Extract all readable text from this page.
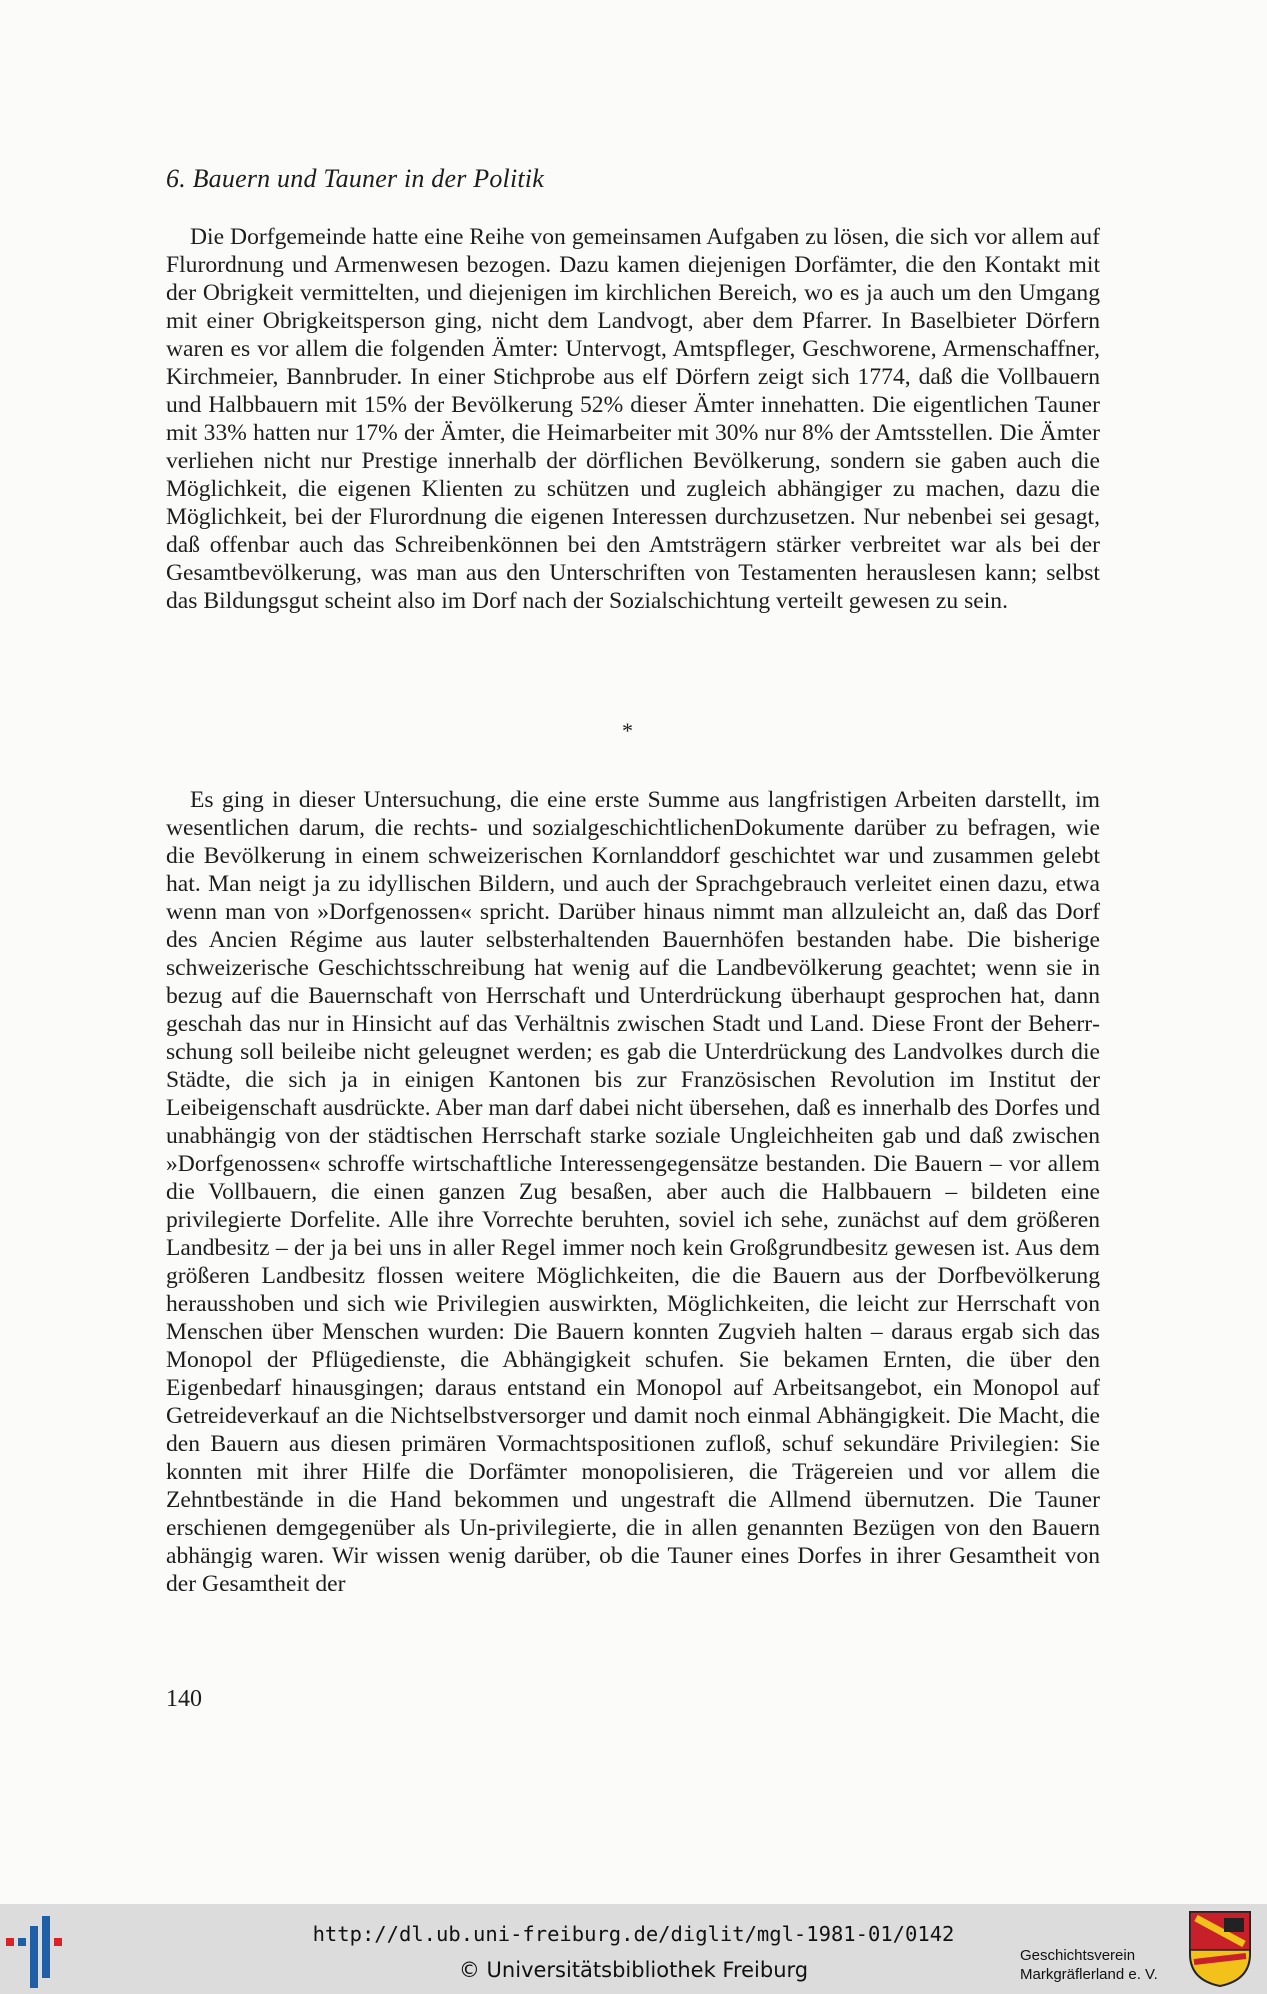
6. Bauern und Tauner in der Politik

Die Dorfgemeinde hatte eine Reihe von gemeinsamen Aufgaben zu lösen, die sich vor allem auf Flurordnung und Armenwesen bezogen. Dazu kamen diejenigen Dorfämter, die den Kontakt mit der Obrigkeit vermittelten, und diejenigen im kirchlichen Bereich, wo es ja auch um den Umgang mit einer Obrigkeitsperson ging, nicht dem Landvogt, aber dem Pfarrer. In Baselbieter Dörfern waren es vor allem die folgenden Ämter: Untervogt, Amtspfleger, Geschworene, Armenschaffner, Kirchmeier, Bannbruder. In einer Stichprobe aus elf Dörfern zeigt sich 1774, daß die Vollbauern und Halbbauern mit 15% der Bevölkerung 52% dieser Ämter innehatten. Die eigentlichen Tauner mit 33% hatten nur 17% der Ämter, die Heimarbeiter mit 30% nur 8% der Amtsstellen. Die Ämter verliehen nicht nur Prestige innerhalb der dörflichen Bevölkerung, sondern sie gaben auch die Möglichkeit, die eigenen Klienten zu schützen und zugleich abhängiger zu machen, dazu die Möglichkeit, bei der Flurordnung die eigenen Interessen durchzusetzen. Nur nebenbei sei gesagt, daß offenbar auch das Schreibenkönnen bei den Amtsträgern stärker verbreitet war als bei der Gesamtbevölkerung, was man aus den Unterschriften von Testamenten herauslesen kann; selbst das Bildungsgut scheint also im Dorf nach der Sozialschichtung verteilt gewesen zu sein.

*

Es ging in dieser Untersuchung, die eine erste Summe aus langfristigen Arbeiten darstellt, im wesentlichen darum, die rechts- und sozialgeschichtlichenDokumente darüber zu befragen, wie die Bevölkerung in einem schweizerischen Kornlanddorf geschichtet war und zusammen gelebt hat. Man neigt ja zu idyllischen Bildern, und auch der Sprachgebrauch verleitet einen dazu, etwa wenn man von »Dorfgenossen« spricht. Darüber hinaus nimmt man allzuleicht an, daß das Dorf des Ancien Régime aus lauter selbsterhaltenden Bauernhöfen bestanden habe. Die bisherige schweizerische Geschichtsschreibung hat wenig auf die Landbevölkerung geachtet; wenn sie in bezug auf die Bauernschaft von Herrschaft und Unterdrückung überhaupt gesprochen hat, dann geschah das nur in Hinsicht auf das Verhältnis zwischen Stadt und Land. Diese Front der Beherrschung soll beileibe nicht geleugnet werden; es gab die Unterdrückung des Landvolkes durch die Städte, die sich ja in einigen Kantonen bis zur Französischen Revolution im Institut der Leibeigenschaft ausdrückte. Aber man darf dabei nicht übersehen, daß es innerhalb des Dorfes und unabhängig von der städtischen Herrschaft starke soziale Ungleichheiten gab und daß zwischen »Dorfgenossen« schroffe wirtschaftliche Interessengegensätze bestanden. Die Bauern – vor allem die Vollbauern, die einen ganzen Zug besaßen, aber auch die Halbbauern – bildeten eine privilegierte Dorfelite. Alle ihre Vorrechte beruhten, soviel ich sehe, zunächst auf dem größeren Landbesitz – der ja bei uns in aller Regel immer noch kein Großgrundbesitz gewesen ist. Aus dem größeren Landbesitz flossen weitere Möglichkeiten, die die Bauern aus der Dorfbevölkerung herausshoben und sich wie Privilegien auswirkten, Möglichkeiten, die leicht zur Herrschaft von Menschen über Menschen wurden: Die Bauern konnten Zugvieh halten – daraus ergab sich das Monopol der Pflügedienste, die Abhängigkeit schufen. Sie bekamen Ernten, die über den Eigenbedarf hinausgingen; daraus entstand ein Monopol auf Arbeitsangebot, ein Monopol auf Getreideverkauf an die Nichtselbstversorger und damit noch einmal Abhängigkeit. Die Macht, die den Bauern aus diesen primären Vormachtspositionen zufloß, schuf sekundäre Privilegien: Sie konnten mit ihrer Hilfe die Dorfämter monopolisieren, die Trägereien und vor allem die Zehntbestände in die Hand bekommen und ungestraft die Allmend übernutzen. Die Tauner erschienen demgegenüber als Un-privilegierte, die in allen genannten Bezügen von den Bauern abhängig waren. Wir wissen wenig darüber, ob die Tauner eines Dorfes in ihrer Gesamtheit von der Gesamtheit der

140
http://dl.ub.uni-freiburg.de/diglit/mgl-1981-01/0142
© Universitätsbibliothek Freiburg
Geschichtsverein
Markgräflerland e. V.
